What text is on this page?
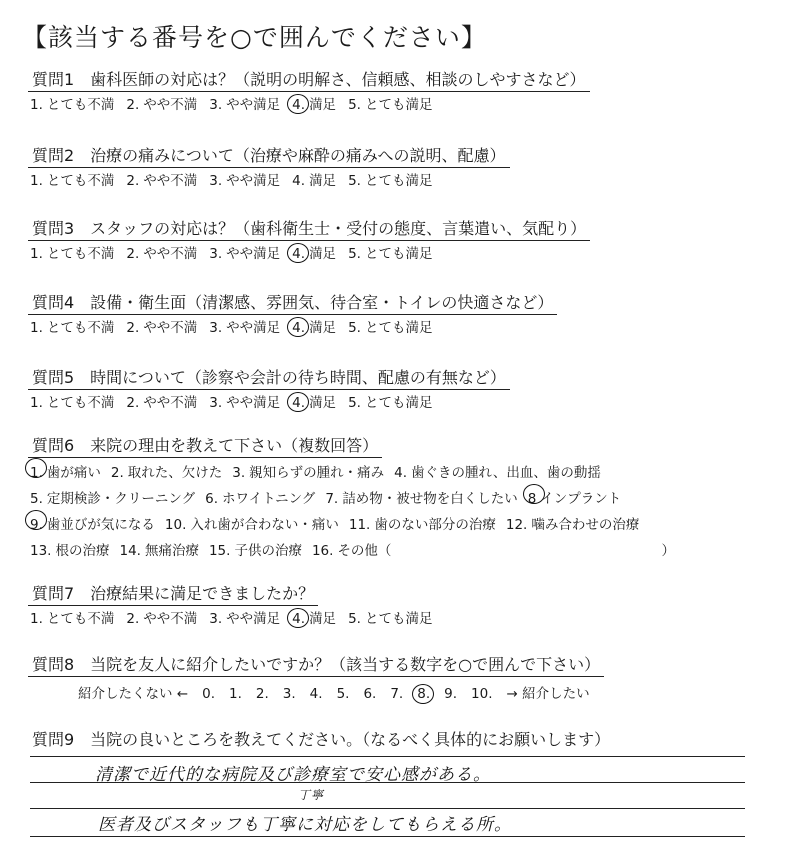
【該当する番号を○で囲んでください】
質問1　歯科医師の対応は？（説明の明解さ、信頼感、相談のしやすさなど）
1. とても不満 2. やや不満 3. やや満足 4. 満足 5. とても満足
質問2　治療の痛みについて（治療や麻酔の痛みへの説明、配慮）
1. とても不満 2. やや不満 3. やや満足 4. 満足 5. とても満足
質問3　スタッフの対応は？（歯科衛生士・受付の態度、言葉遣い、気配り）
1. とても不満 2. やや不満 3. やや満足 4. 満足 5. とても満足
質問4　設備・衛生面（清潔感、雰囲気、待合室・トイレの快適さなど）
1. とても不満 2. やや不満 3. やや満足 4. 満足 5. とても満足
質問5　時間について（診察や会計の待ち時間、配慮の有無など）
1. とても不満 2. やや不満 3. やや満足 4. 満足 5. とても満足
質問6　来院の理由を教えて下さい（複数回答）
1. 歯が痛い 2. 取れた、欠けた 3. 親知らずの腫れ・痛み 4. 歯ぐきの腫れ、出血、歯の動揺
5. 定期検診・クリーニング 6. ホワイトニング 7. 詰め物・被せ物を白くしたい 8 インプラント
9. 歯並びが気になる 10. 入れ歯が合わない・痛い 11. 歯のない部分の治療 12. 噛み合わせの治療
13. 根の治療 14. 無痛治療 15. 子供の治療 16. その他（	）
質問7　治療結果に満足できましたか？
1. とても不満 2. やや不満 3. やや満足 4. 満足 5. とても満足
質問8　当院を友人に紹介したいですか？（該当する数字を○で囲んで下さい）
紹介したくない ← 0. 1. 2. 3. 4. 5. 6. 7. 8. 9. 10. → 紹介したい
質問9　当院の良いところを教えてください。（なるべく具体的にお願いします）
清潔で近代的な病院及び診療室で安心感がある。
丁寧
医者及びスタッフも丁寧に対応をしてもらえる所。
